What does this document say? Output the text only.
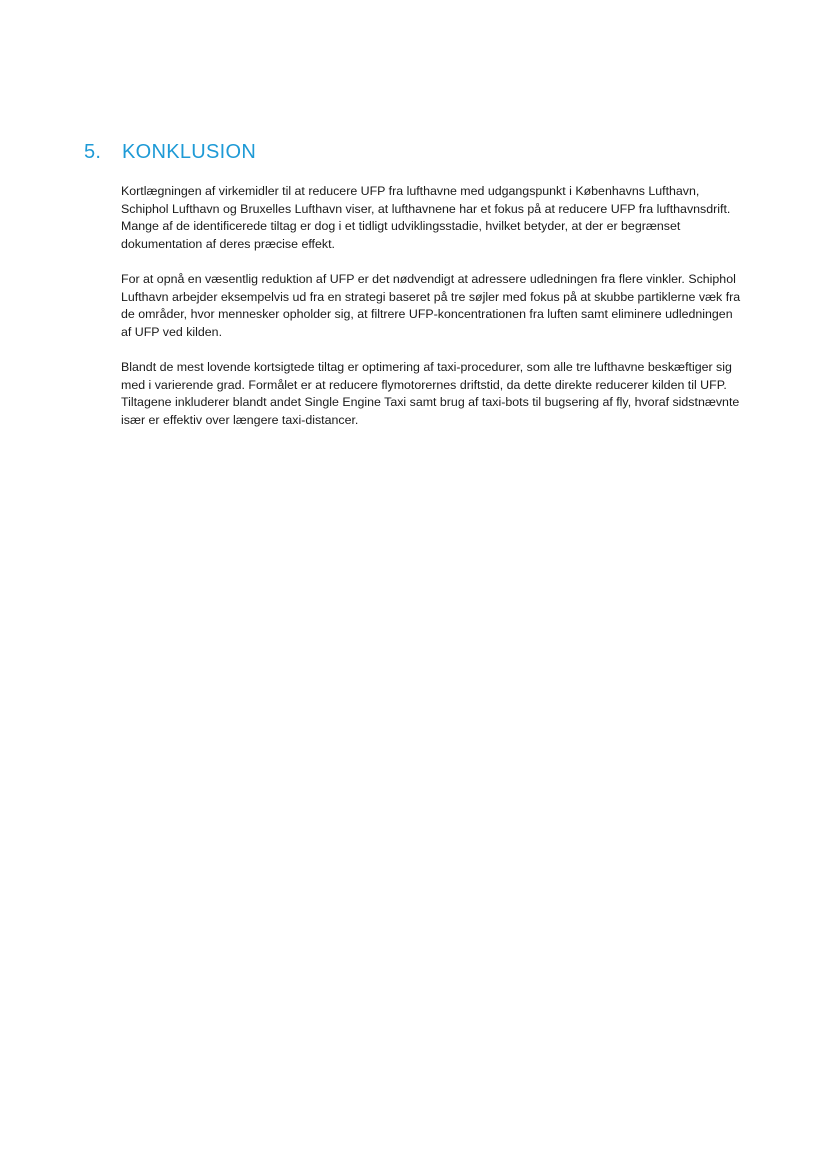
5.	KONKLUSION

Kortlægningen af virkemidler til at reducere UFP fra lufthavne med udgangspunkt i Københavns Lufthavn, Schiphol Lufthavn og Bruxelles Lufthavn viser, at lufthavnene har et fokus på at reducere UFP fra lufthavnsdrift. Mange af de identificerede tiltag er dog i et tidligt udviklingsstadie, hvilket betyder, at der er begrænset dokumentation af deres præcise effekt.

For at opnå en væsentlig reduktion af UFP er det nødvendigt at adressere udledningen fra flere vinkler. Schiphol Lufthavn arbejder eksempelvis ud fra en strategi baseret på tre søjler med fokus på at skubbe partiklerne væk fra de områder, hvor mennesker opholder sig, at filtrere UFP-koncentrationen fra luften samt eliminere udledningen af UFP ved kilden.

Blandt de mest lovende kortsigtede tiltag er optimering af taxi-procedurer, som alle tre lufthavne beskæftiger sig med i varierende grad. Formålet er at reducere flymotorernes driftstid, da dette direkte reducerer kilden til UFP. Tiltagene inkluderer blandt andet Single Engine Taxi samt brug af taxi-bots til bugsering af fly, hvoraf sidstnævnte især er effektiv over længere taxi-distancer.
